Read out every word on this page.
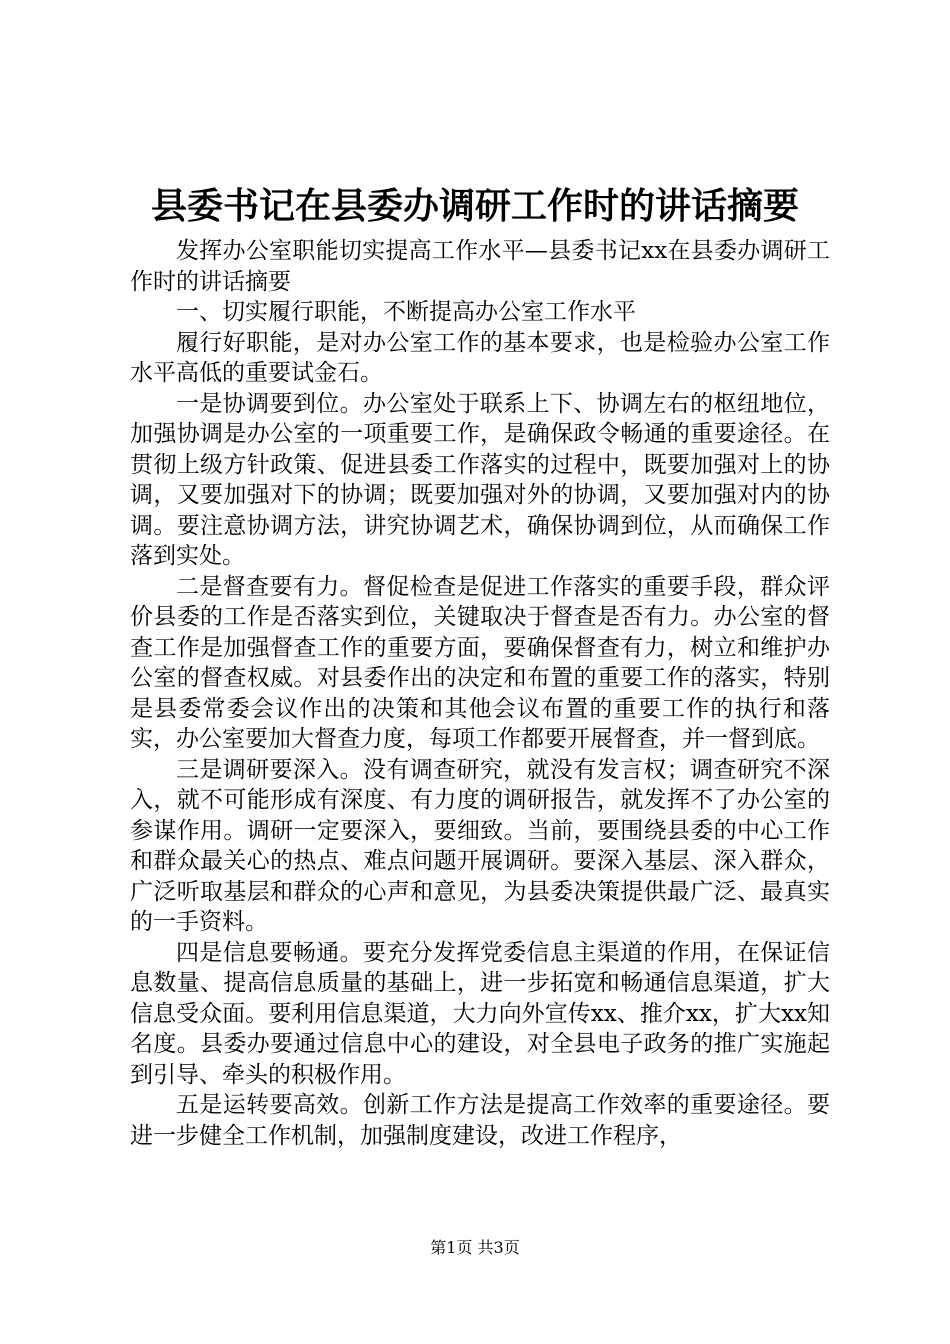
县委书记在县委办调研工作时的讲话摘要

发挥办公室职能切实提高工作水平—县委书记xx在县委办调研工作时的讲话摘要

一、切实履行职能，不断提高办公室工作水平

履行好职能，是对办公室工作的基本要求，也是检验办公室工作水平高低的重要试金石。

一是协调要到位。办公室处于联系上下、协调左右的枢纽地位，加强协调是办公室的一项重要工作，是确保政令畅通的重要途径。在贯彻上级方针政策、促进县委工作落实的过程中，既要加强对上的协调，又要加强对下的协调；既要加强对外的协调，又要加强对内的协调。要注意协调方法，讲究协调艺术，确保协调到位，从而确保工作落到实处。

二是督查要有力。督促检查是促进工作落实的重要手段，群众评价县委的工作是否落实到位，关键取决于督查是否有力。办公室的督查工作是加强督查工作的重要方面，要确保督查有力，树立和维护办公室的督查权威。对县委作出的决定和布置的重要工作的落实，特别是县委常委会议作出的决策和其他会议布置的重要工作的执行和落实，办公室要加大督查力度，每项工作都要开展督查，并一督到底。

三是调研要深入。没有调查研究，就没有发言权；调查研究不深入，就不可能形成有深度、有力度的调研报告，就发挥不了办公室的参谋作用。调研一定要深入，要细致。当前，要围绕县委的中心工作和群众最关心的热点、难点问题开展调研。要深入基层、深入群众，广泛听取基层和群众的心声和意见，为县委决策提供最广泛、最真实的一手资料。

四是信息要畅通。要充分发挥党委信息主渠道的作用，在保证信息数量、提高信息质量的基础上，进一步拓宽和畅通信息渠道，扩大信息受众面。要利用信息渠道，大力向外宣传xx、推介xx，扩大xx知名度。县委办要通过信息中心的建设，对全县电子政务的推广实施起到引导、牵头的积极作用。

五是运转要高效。创新工作方法是提高工作效率的重要途径。要进一步健全工作机制，加强制度建设，改进工作程序，

第1页 共3页
